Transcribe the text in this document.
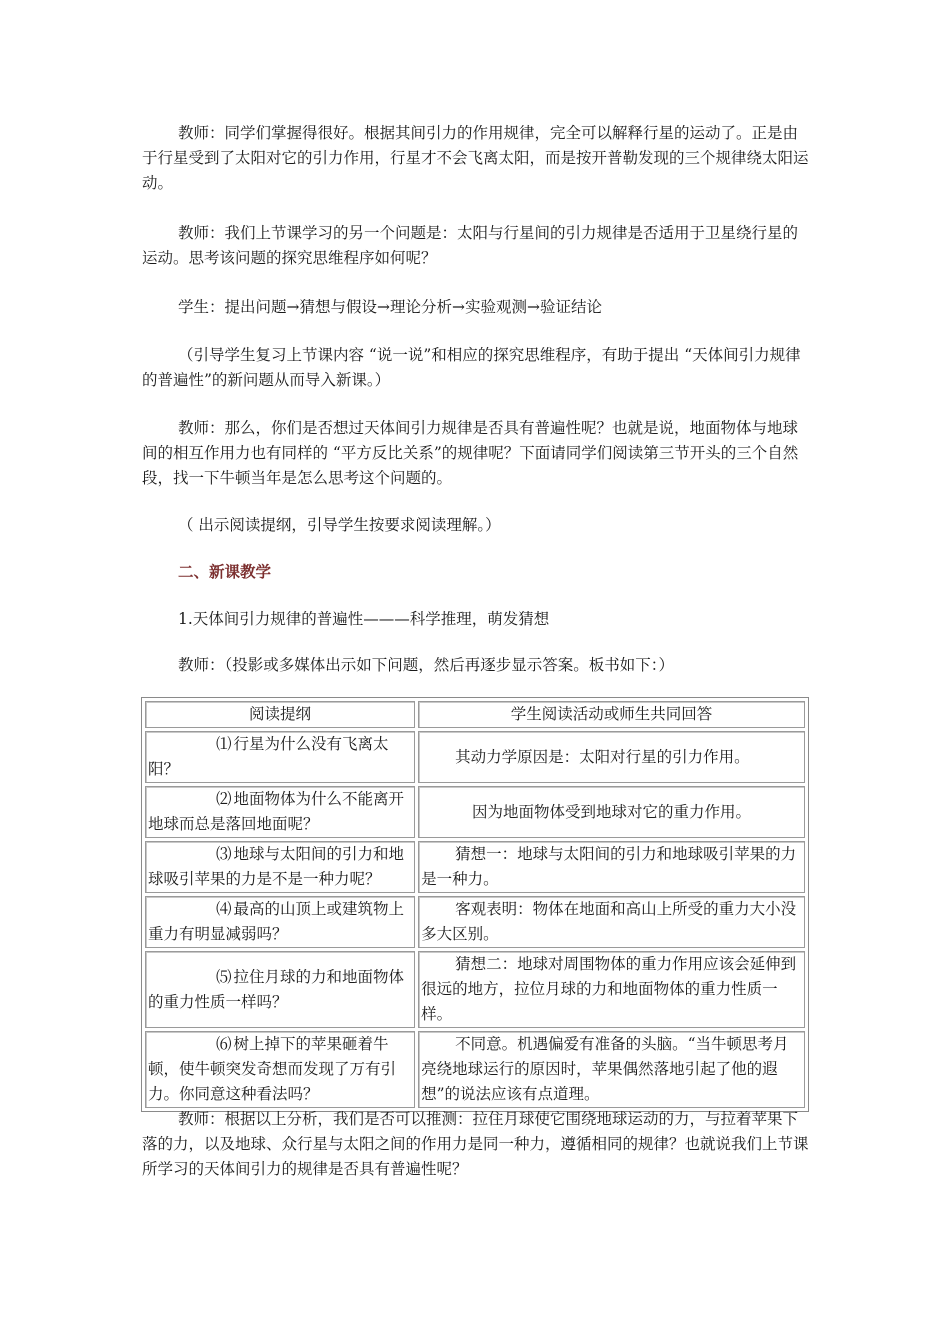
教师：同学们掌握得很好。根据其间引力的作用规律，完全可以解释行星的运动了。正是由于行星受到了太阳对它的引力作用，行星才不会飞离太阳，而是按开普勒发现的三个规律绕太阳运动。

教师：我们上节课学习的另一个问题是：太阳与行星间的引力规律是否适用于卫星绕行星的运动。思考该问题的探究思维程序如何呢？

学生：提出问题→猜想与假设→理论分析→实验观测→验证结论

（引导学生复习上节课内容 “说一说”和相应的探究思维程序，有助于提出 “天体间引力规律的普遍性”的新问题从而导入新课。）

教师：那么，你们是否想过天体间引力规律是否具有普遍性呢？也就是说，地面物体与地球间的相互作用力也有同样的 “平方反比关系”的规律呢？下面请同学们阅读第三节开头的三个自然段，找一下牛顿当年是怎么思考这个问题的。

（ 出示阅读提纲，引导学生按要求阅读理解。）

二、新课教学

1.天体间引力规律的普遍性———科学推理，萌发猜想

教师：（投影或多媒体出示如下问题，然后再逐步显示答案。板书如下：）

阅读提纲	学生阅读活动或师生共同回答
⑴ 行星为什么没有飞离太阳？	其动力学原因是：太阳对行星的引力作用。
⑵ 地面物体为什么不能离开地球而总是落回地面呢？	因为地面物体受到地球对它的重力作用。
⑶ 地球与太阳间的引力和地球吸引苹果的力是不是一种力呢？	猜想一：地球与太阳间的引力和地球吸引苹果的力是一种力。
⑷ 最高的山顶上或建筑物上重力有明显减弱吗？	客观表明：物体在地面和高山上所受的重力大小没多大区别。
⑸ 拉住月球的力和地面物体的重力性质一样吗？	猜想二：地球对周围物体的重力作用应该会延伸到很远的地方，拉位月球的力和地面物体的重力性质一样。
⑹ 树上掉下的苹果砸着牛顿，使牛顿突发奇想而发现了万有引力。你同意这种看法吗？	不同意。机遇偏爱有准备的头脑。“当牛顿思考月亮绕地球运行的原因时，苹果偶然落地引起了他的遐想”的说法应该有点道理。

教师：根据以上分析，我们是否可以推测：拉住月球使它围绕地球运动的力，与拉着苹果下落的力，以及地球、众行星与太阳之间的作用力是同一种力，遵循相同的规律？也就说我们上节课所学习的天体间引力的规律是否具有普遍性呢？
